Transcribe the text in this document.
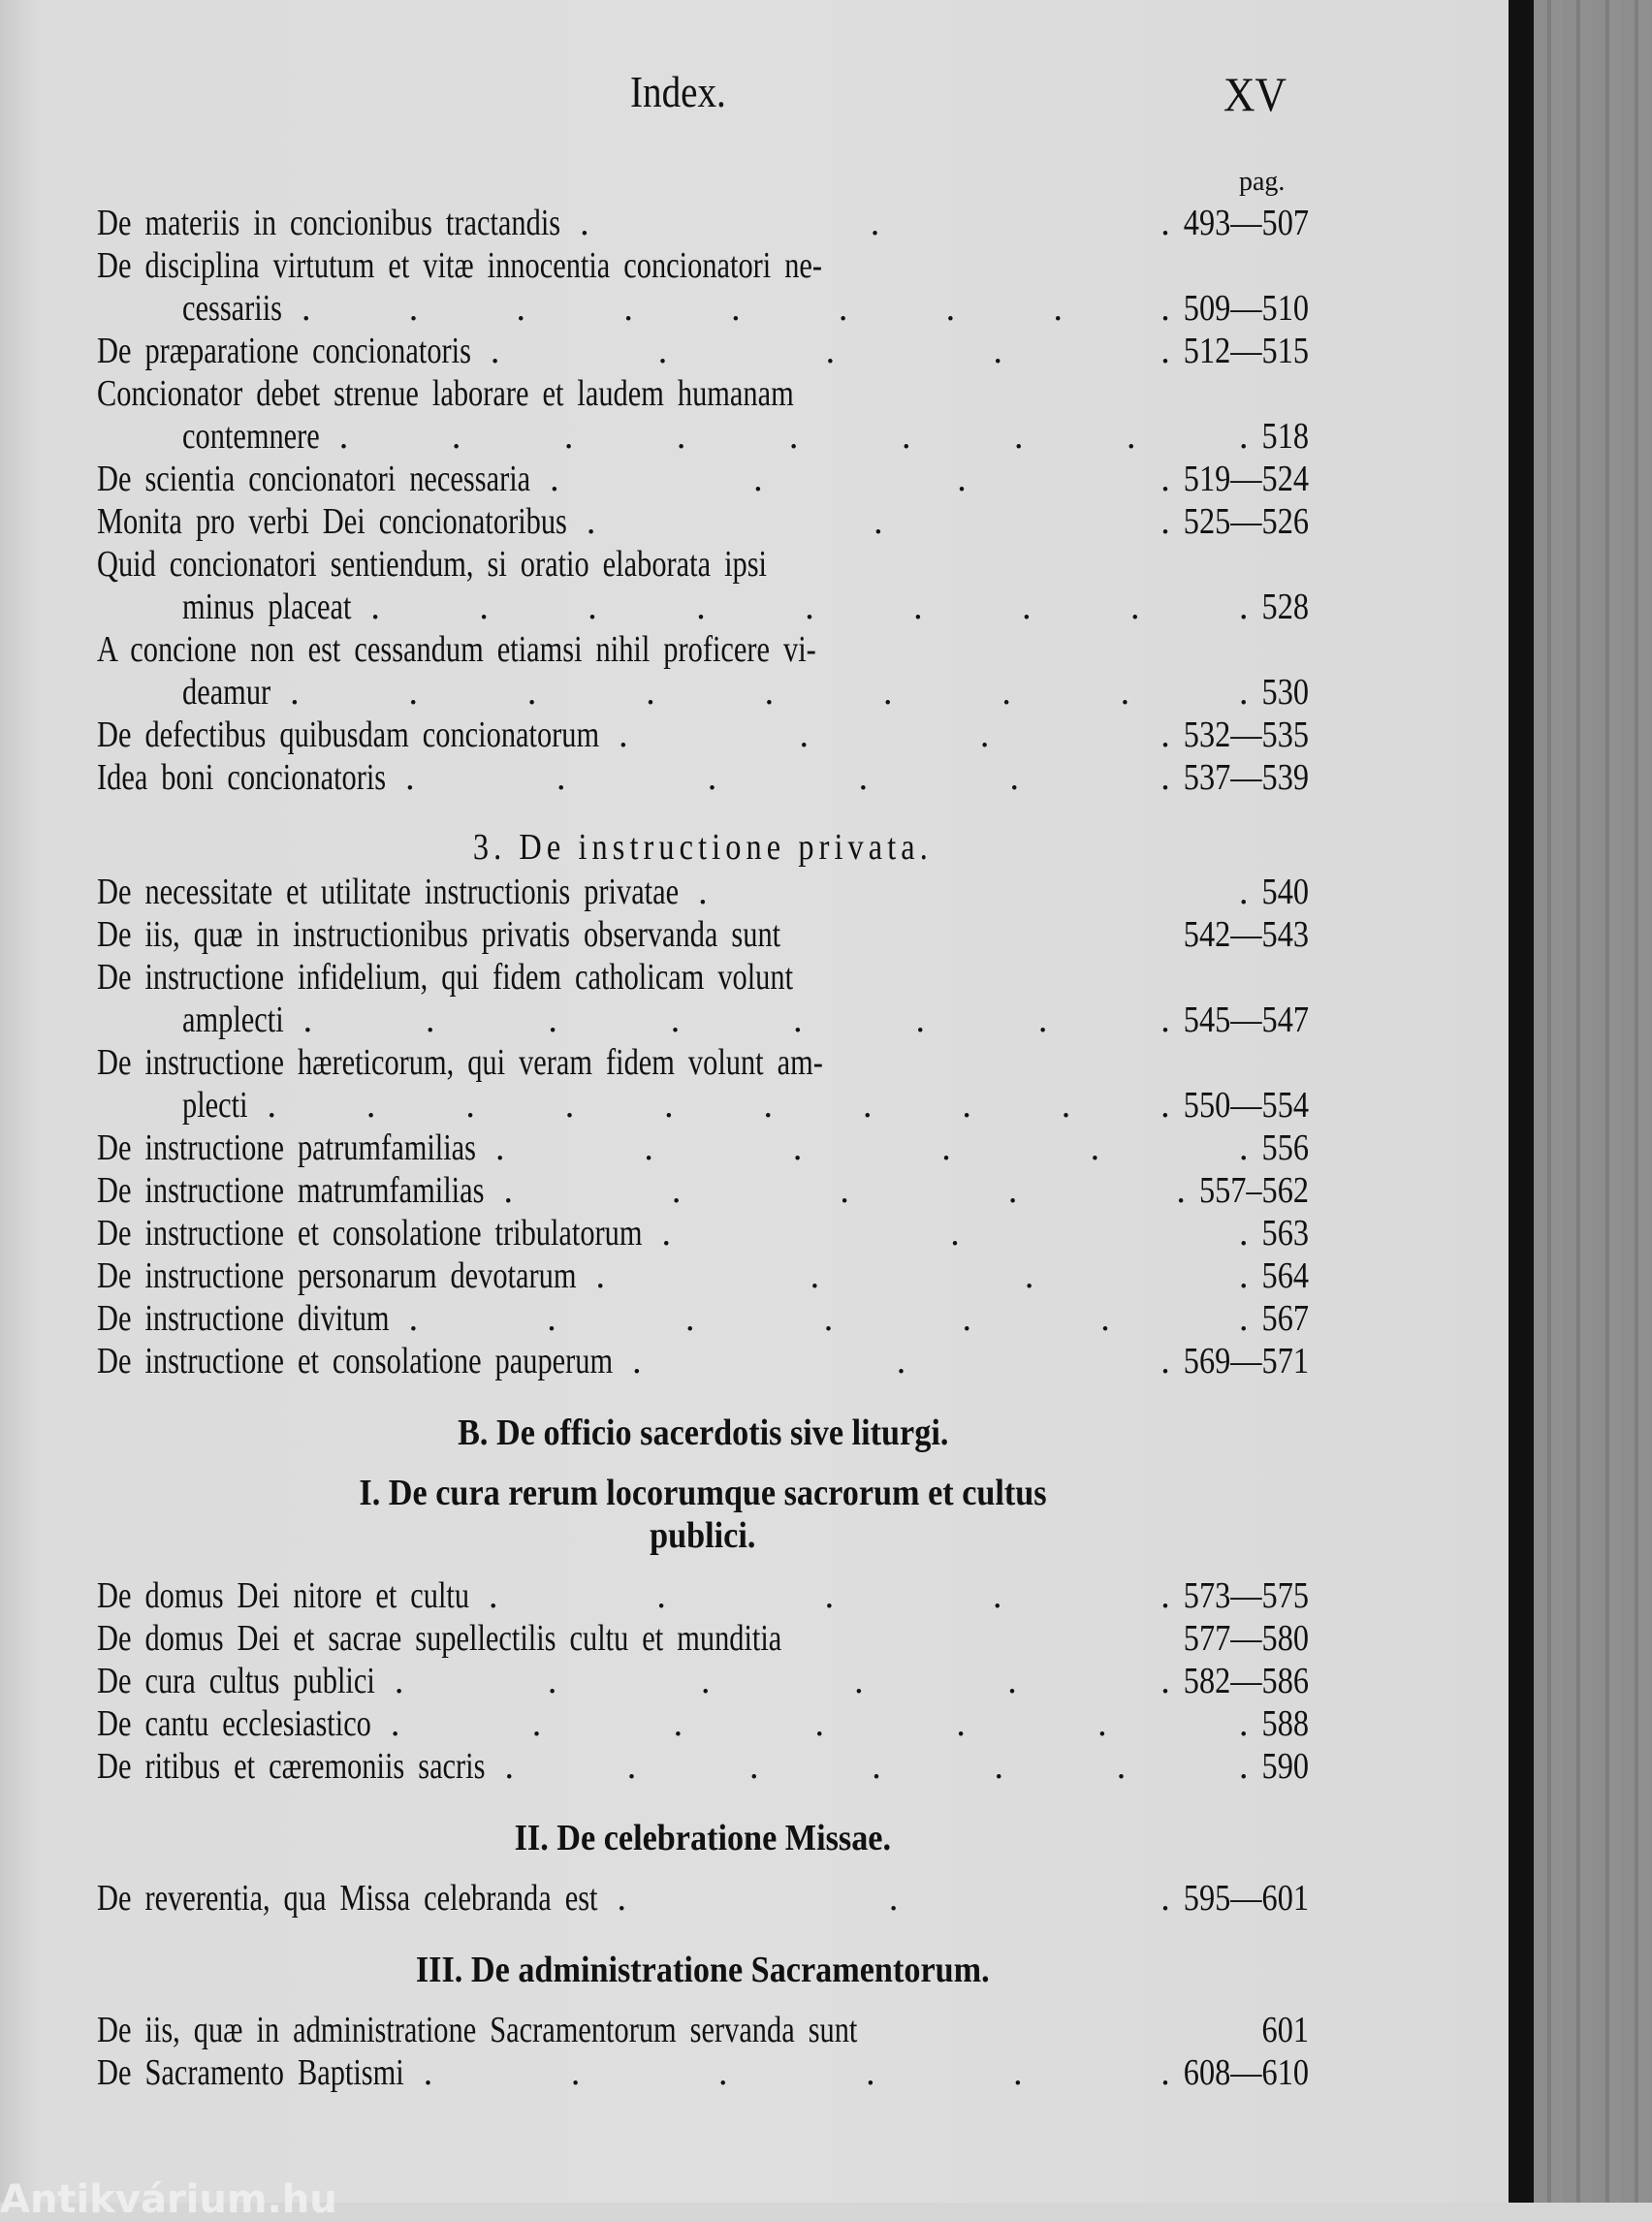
Index.	XV
pag.
De materiis in concionibus tractandis .	.	. 493—507
De disciplina virtutum et vitæ innocentia concionatori ne-
cessariis .	.	.	.	.	.	.	.	. 509—510
De præparatione concionatoris .	.	.	.	. 512—515
Concionator debet strenue laborare et laudem humanam
contemnere .	.	.	.	.	.	.	.	. 518
De scientia concionatori necessaria .	.	.	. 519—524
Monita pro verbi Dei concionatoribus .	.	. 525—526
Quid concionatori sentiendum, si oratio elaborata ipsi
minus placeat .	.	.	.	.	.	.	.	. 528
A concione non est cessandum etiamsi nihil proficere vi-
deamur .	.	.	.	.	.	.	.	. 530
De defectibus quibusdam concionatorum .	.	.	. 532—535
Idea boni concionatoris .	.	.	.	.	. 537—539
3. De instructione privata.
De necessitate et utilitate instructionis privatae .	. 540
De iis, quæ in instructionibus privatis observanda sunt	542—543
De instructione infidelium, qui fidem catholicam volunt
amplecti .	.	.	.	.	.	.	. 545—547
De instructione hæreticorum, qui veram fidem volunt am-
plecti . . . . . . . . . . 550—554
De instructione patrumfamilias .	.	.	.	.	. 556
De instructione matrumfamilias .	.	.	.	. 557–562
De instructione et consolatione tribulatorum .	.	. 563
De instructione personarum devotarum .	.	.	. 564
De instructione divitum .	.	.	.	.	.	. 567
De instructione et consolatione pauperum .	.	. 569—571
B. De officio sacerdotis sive liturgi.
I. De cura rerum locorumque sacrorum et cultus
publici.
De domus Dei nitore et cultu .	.	.	.	. 573—575
De domus Dei et sacrae supellectilis cultu et munditia	577—580
De cura cultus publici .	.	.	.	.	. 582—586
De cantu ecclesiastico .	.	.	.	.	.	. 588
De ritibus et cæremoniis sacris .	.	.	.	.	.	. 590
II. De celebratione Missae.
De reverentia, qua Missa celebranda est .	.	. 595—601
III. De administratione Sacramentorum.
De iis, quæ in administratione Sacramentorum servanda sunt	601
De Sacramento Baptismi .	.	.	.	.	. 608—610
Antikvárium.hu
